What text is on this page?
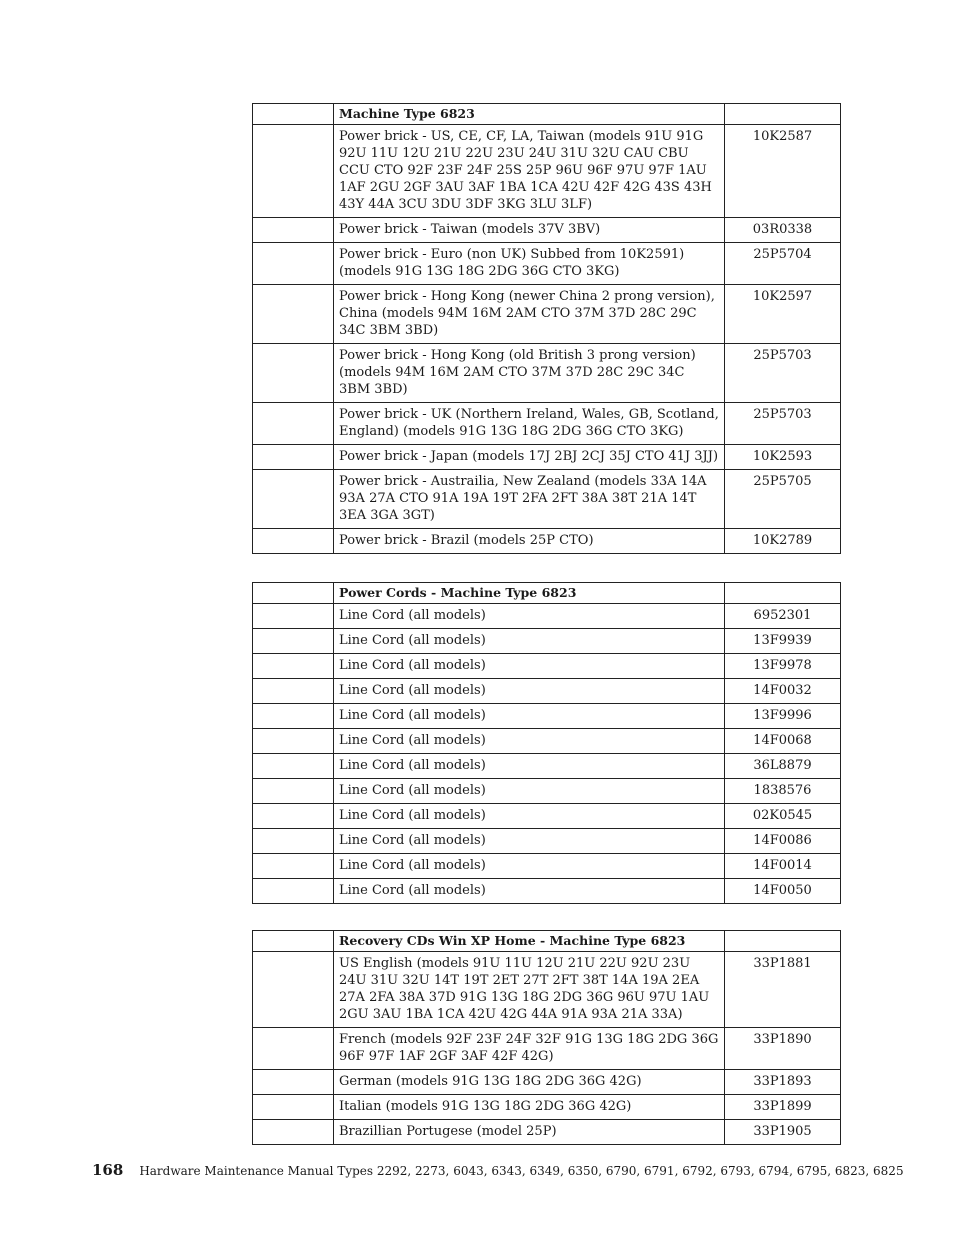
	Machine Type 6823	
	Power brick - US, CE, CF, LA, Taiwan (models 91U 91G 92U 11U 12U 21U 22U 23U 24U 31U 32U CAU CBU CCU CTO 92F 23F 24F 25S 25P 96U 96F 97U 97F 1AU 1AF 2GU 2GF 3AU 3AF 1BA 1CA 42U 42F 42G 43S 43H 43Y 44A 3CU 3DU 3DF 3KG 3LU 3LF)	10K2587
	Power brick - Taiwan (models 37V 3BV)	03R0338
	Power brick - Euro (non UK) Subbed from 10K2591) (models 91G 13G 18G 2DG 36G CTO 3KG)	25P5704
	Power brick - Hong Kong (newer China 2 prong version), China (models 94M 16M 2AM CTO 37M 37D 28C 29C 34C 3BM 3BD)	10K2597
	Power brick - Hong Kong (old British 3 prong version) (models 94M 16M 2AM CTO 37M 37D 28C 29C 34C 3BM 3BD)	25P5703
	Power brick - UK (Northern Ireland, Wales, GB, Scotland, England) (models 91G 13G 18G 2DG 36G CTO 3KG)	25P5703
	Power brick - Japan (models 17J 2BJ 2CJ 35J CTO 41J 3JJ)	10K2593
	Power brick - Austrailia, New Zealand (models 33A 14A 93A 27A CTO 91A 19A 19T 2FA 2FT 38A 38T 21A 14T 3EA 3GA 3GT)	25P5705
	Power brick - Brazil (models 25P CTO)	10K2789
	Power Cords - Machine Type 6823	
	Line Cord (all models)	6952301
	Line Cord (all models)	13F9939
	Line Cord (all models)	13F9978
	Line Cord (all models)	14F0032
	Line Cord (all models)	13F9996
	Line Cord (all models)	14F0068
	Line Cord (all models)	36L8879
	Line Cord (all models)	1838576
	Line Cord (all models)	02K0545
	Line Cord (all models)	14F0086
	Line Cord (all models)	14F0014
	Line Cord (all models)	14F0050
	Recovery CDs Win XP Home - Machine Type 6823	
	US English (models 91U 11U 12U 21U 22U 92U 23U 24U 31U 32U 14T 19T 2ET 27T 2FT 38T 14A 19A 2EA 27A 2FA 38A 37D 91G 13G 18G 2DG 36G 96U 97U 1AU 2GU 3AU 1BA 1CA 42U 42G 44A 91A 93A 21A 33A)	33P1881
	French (models 92F 23F 24F 32F 91G 13G 18G 2DG 36G 96F 97F 1AF 2GF 3AF 42F 42G)	33P1890
	German (models 91G 13G 18G 2DG 36G 42G)	33P1893
	Italian (models 91G 13G 18G 2DG 36G 42G)	33P1899
	Brazillian Portugese (model 25P)	33P1905
168 Hardware Maintenance Manual Types 2292, 2273, 6043, 6343, 6349, 6350, 6790, 6791, 6792, 6793, 6794, 6795, 6823, 6825
